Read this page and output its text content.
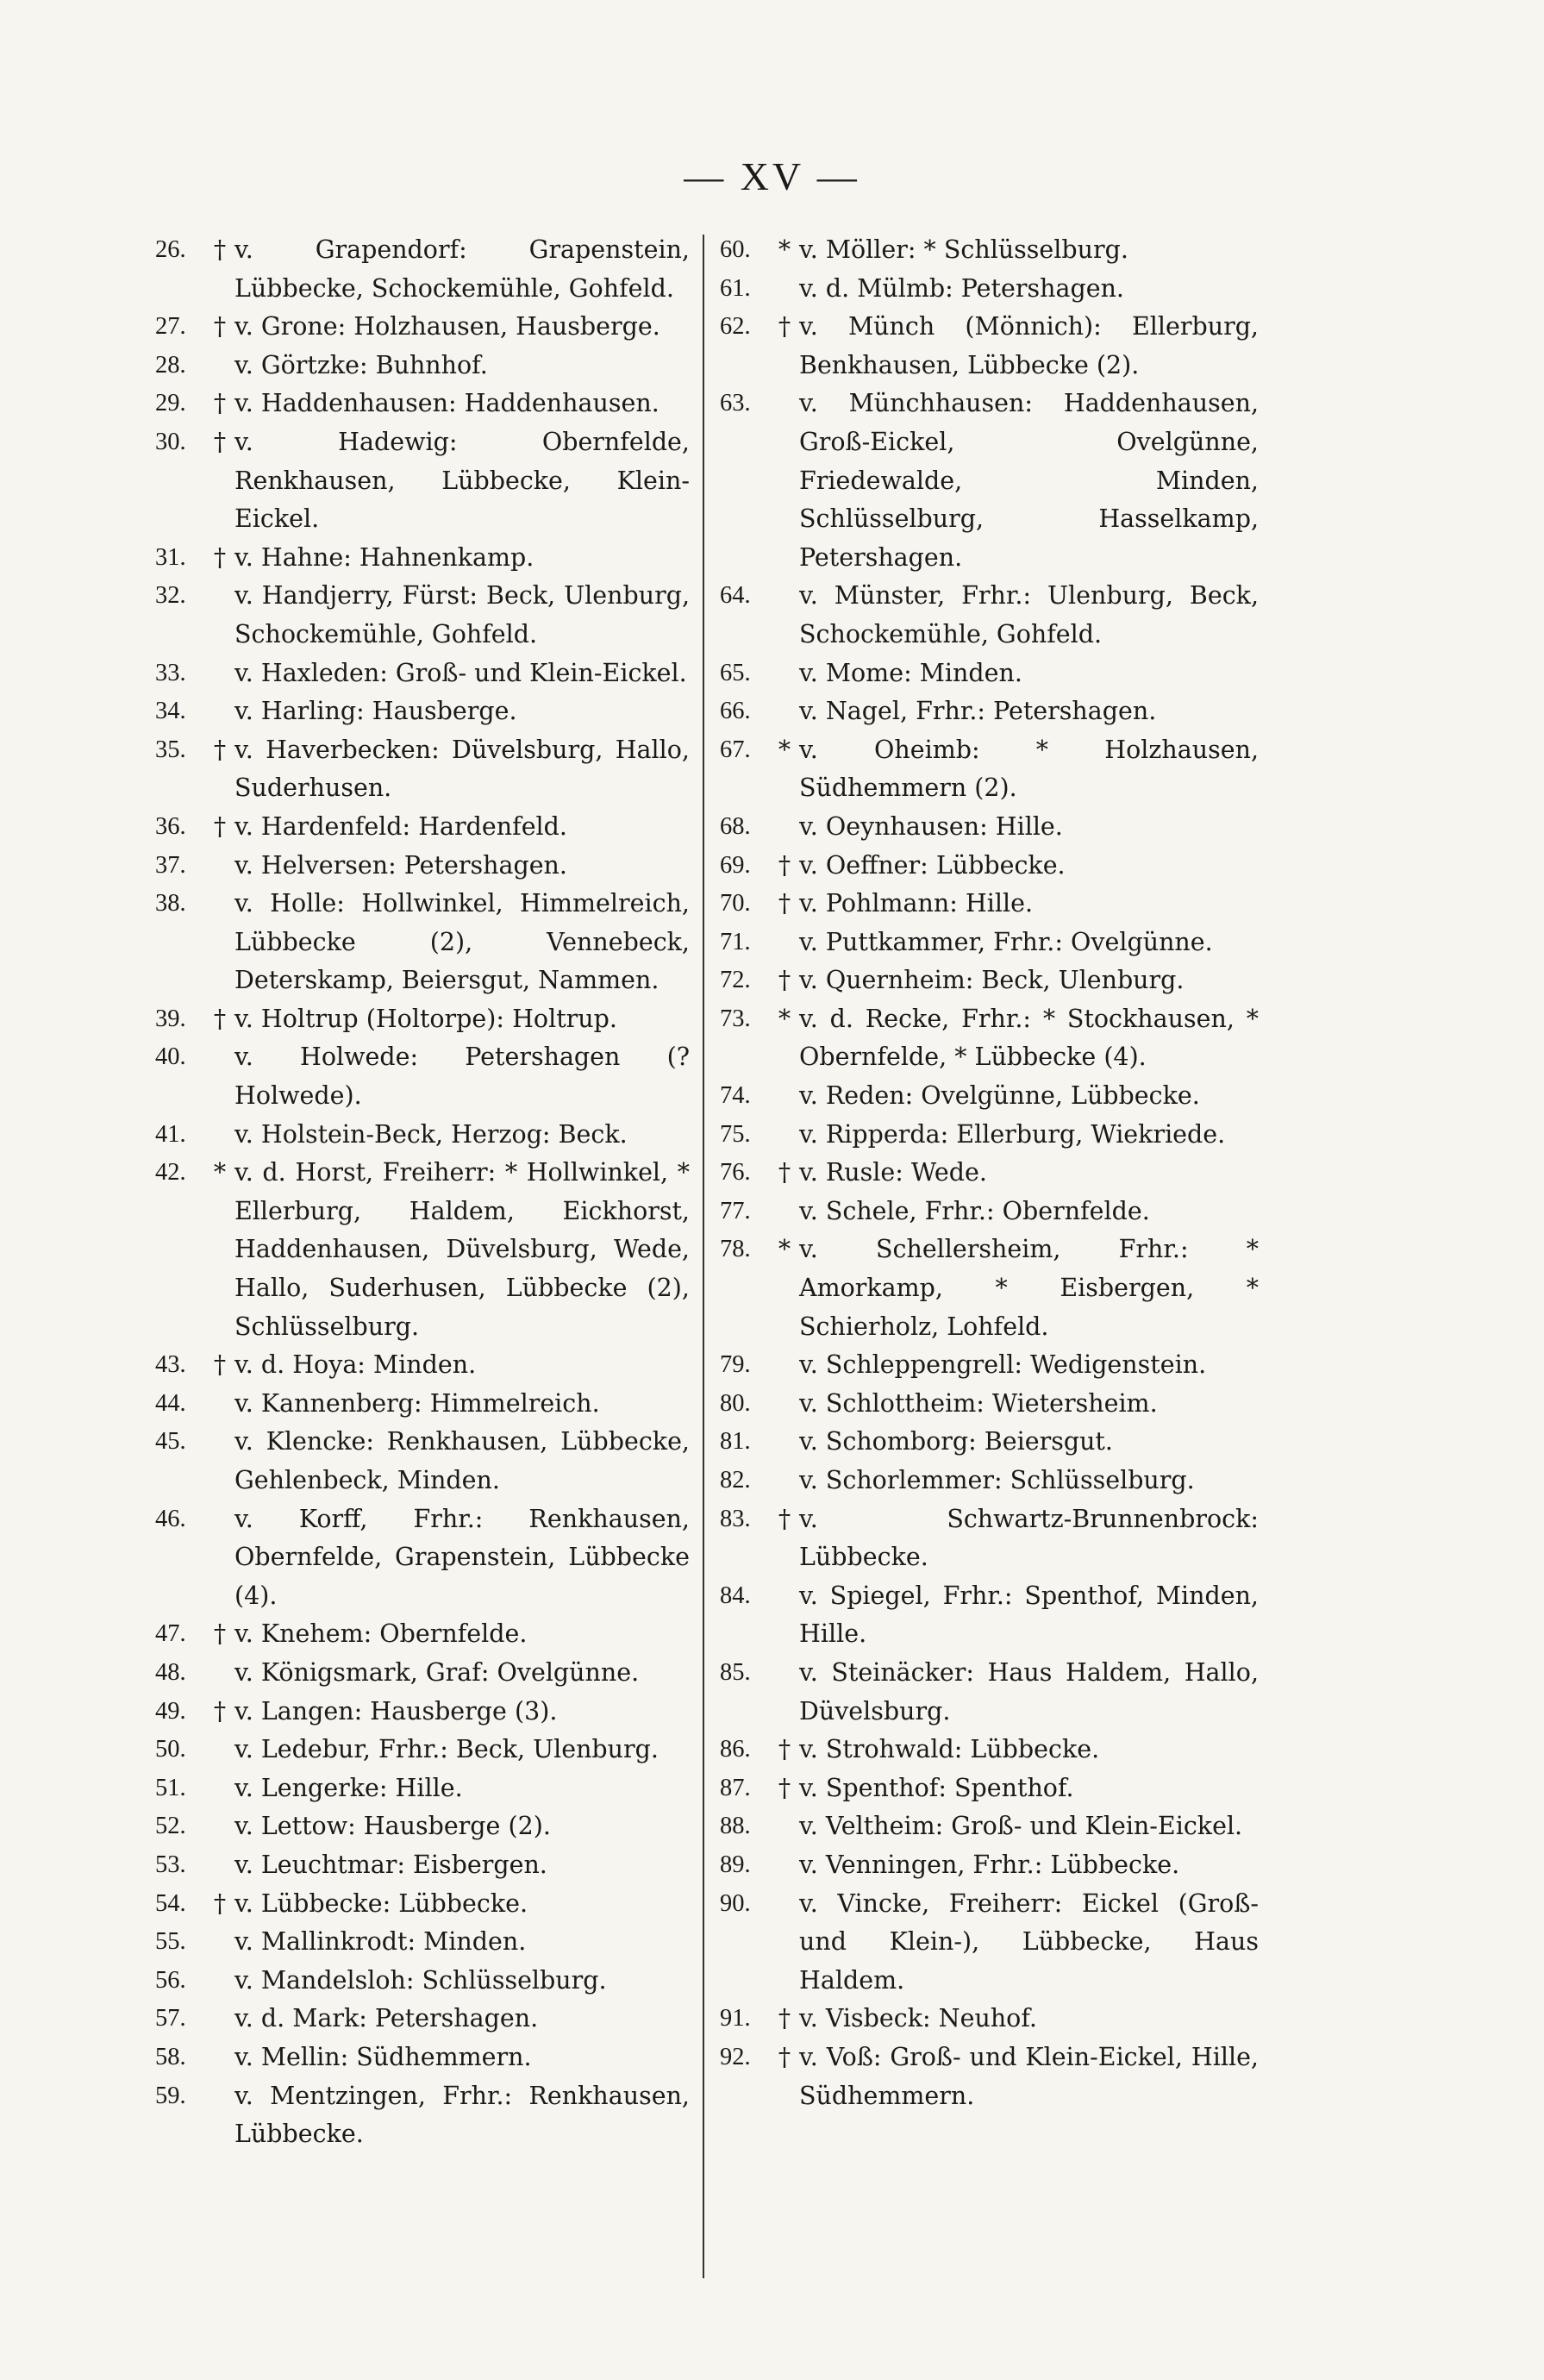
— XV —
26.	† v. Grapendorf: Grapenstein, Lübbecke, Schockemühle, Gohfeld.
27.	† v. Grone: Holzhausen, Hausberge.
28.	v. Görtzke: Buhnhof.
29.	† v. Haddenhausen: Haddenhausen.
30.	† v. Hadewig: Obernfelde, Renkhausen, Lübbecke, Klein-Eickel.
31.	† v. Hahne: Hahnenkamp.
32.	v. Handjerry, Fürst: Beck, Ulenburg, Schockemühle, Gohfeld.
33.	v. Haxleden: Groß- und Klein-Eickel.
34.	v. Harling: Hausberge.
35.	† v. Haverbecken: Düvelsburg, Hallo, Suderhusen.
36.	† v. Hardenfeld: Hardenfeld.
37.	v. Helversen: Petershagen.
38.	v. Holle: Hollwinkel, Himmelreich, Lübbecke (2), Vennebeck, Deterskamp, Beiersgut, Nammen.
39.	† v. Holtrup (Holtorpe): Holtrup.
40.	v. Holwede: Petershagen (?Holwede).
41.	v. Holstein-Beck, Herzog: Beck.
42.	* v. d. Horst, Freiherr: * Hollwinkel, * Ellerburg, Haldem, Eickhorst, Haddenhausen, Düvelsburg, Wede, Hallo, Suderhusen, Lübbecke (2), Schlüsselburg.
43.	† v. d. Hoya: Minden.
44.	v. Kannenberg: Himmelreich.
45.	v. Klencke: Renkhausen, Lübbecke, Gehlenbeck, Minden.
46.	v. Korff, Frhr.: Renkhausen, Obernfelde, Grapenstein, Lübbecke (4).
47.	† v. Knehem: Obernfelde.
48.	v. Königsmark, Graf: Ovelgünne.
49.	† v. Langen: Hausberge (3).
50.	v. Ledebur, Frhr.: Beck, Ulenburg.
51.	v. Lengerke: Hille.
52.	v. Lettow: Hausberge (2).
53.	v. Leuchtmar: Eisbergen.
54.	† v. Lübbecke: Lübbecke.
55.	v. Mallinkrodt: Minden.
56.	v. Mandelsloh: Schlüsselburg.
57.	v. d. Mark: Petershagen.
58.	v. Mellin: Südhemmern.
59.	v. Mentzingen, Frhr.: Renkhausen, Lübbecke.
60.	* v. Möller: * Schlüsselburg.
61.	v. d. Mülmb: Petershagen.
62.	† v. Münch (Mönnich): Ellerburg, Benkhausen, Lübbecke (2).
63.	v. Münchhausen: Haddenhausen, Groß-Eickel, Ovelgünne, Friedewalde, Minden, Schlüsselburg, Hasselkamp, Petershagen.
64.	v. Münster, Frhr.: Ulenburg, Beck, Schockemühle, Gohfeld.
65.	v. Mome: Minden.
66.	v. Nagel, Frhr.: Petershagen.
67.	* v. Oheimb: * Holzhausen, Südhemmern (2).
68.	v. Oeynhausen: Hille.
69.	† v. Oeffner: Lübbecke.
70.	† v. Pohlmann: Hille.
71.	v. Puttkammer, Frhr.: Ovelgünne.
72.	† v. Quernheim: Beck, Ulenburg.
73.	* v. d. Recke, Frhr.: * Stockhausen, * Obernfelde, * Lübbecke (4).
74.	v. Reden: Ovelgünne, Lübbecke.
75.	v. Ripperda: Ellerburg, Wiekriede.
76.	† v. Rusle: Wede.
77.	v. Schele, Frhr.: Obernfelde.
78.	* v. Schellersheim, Frhr.: * Amorkamp, * Eisbergen, * Schierholz, Lohfeld.
79.	v. Schleppengrell: Wedigenstein.
80.	v. Schlottheim: Wietersheim.
81.	v. Schomborg: Beiersgut.
82.	v. Schorlemmer: Schlüsselburg.
83.	† v. Schwartz-Brunnenbrock: Lübbecke.
84.	v. Spiegel, Frhr.: Spenthof, Minden, Hille.
85.	v. Steinäcker: Haus Haldem, Hallo, Düvelsburg.
86.	† v. Strohwald: Lübbecke.
87.	† v. Spenthof: Spenthof.
88.	v. Veltheim: Groß- und Klein-Eickel.
89.	v. Venningen, Frhr.: Lübbecke.
90.	v. Vincke, Freiherr: Eickel (Groß- und Klein-), Lübbecke, Haus Haldem.
91.	† v. Visbeck: Neuhof.
92.	† v. Voß: Groß- und Klein-Eickel, Hille, Südhemmern.
